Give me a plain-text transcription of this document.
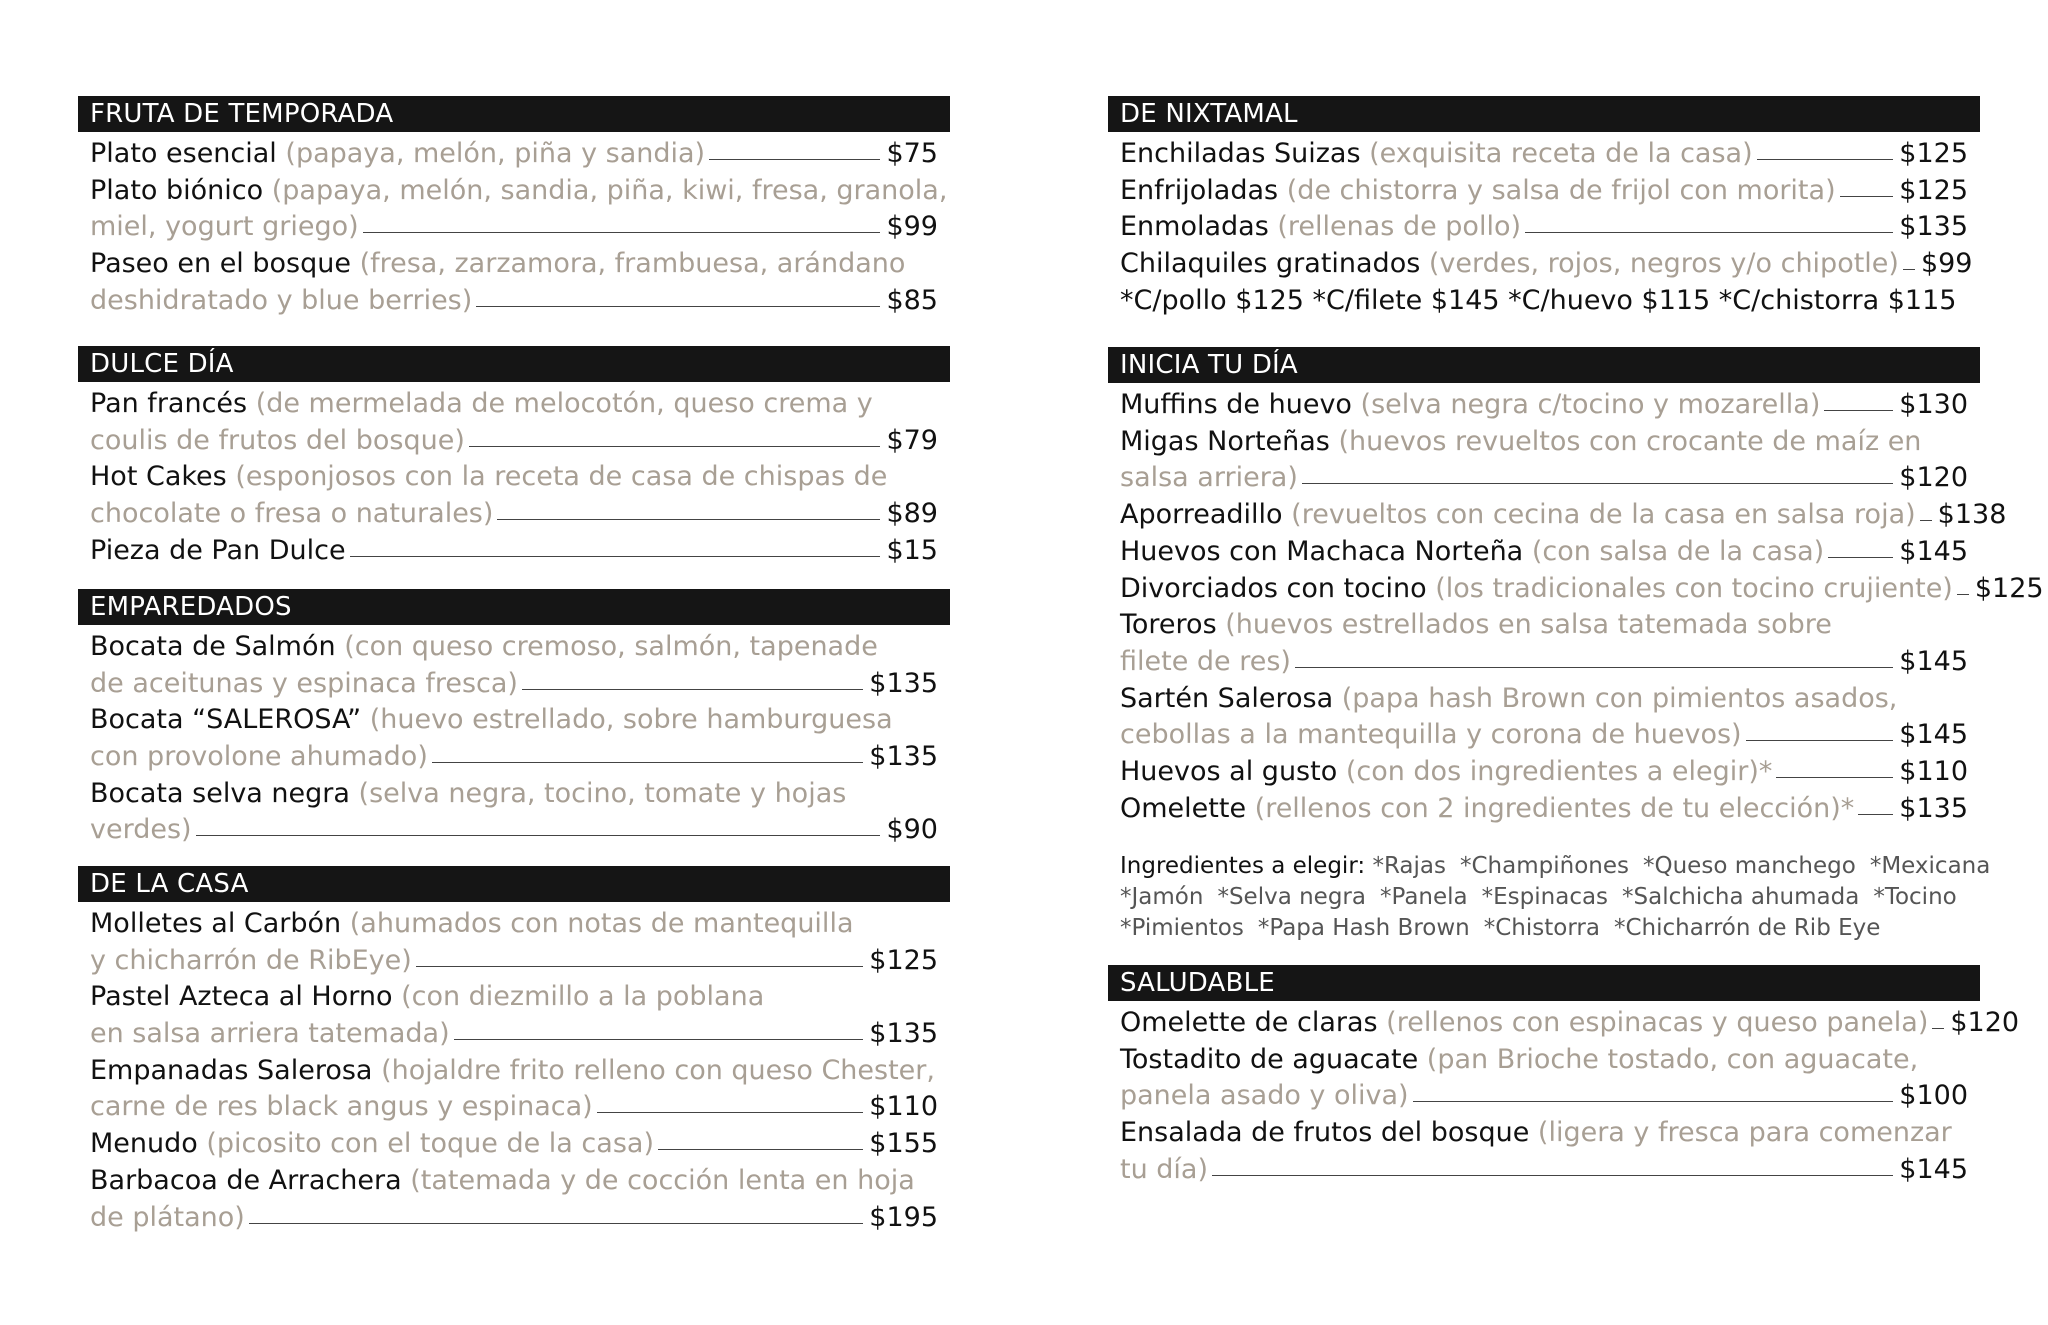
FRUTA DE TEMPORADA
Plato esencial (papaya, melón, piña y sandia)	$75
Plato biónico (papaya, melón, sandia, piña, kiwi, fresa, granola,
miel, yogurt griego)	$99
Paseo en el bosque (fresa, zarzamora, frambuesa, arándano
deshidratado y blue berries)	$85
DULCE DÍA
Pan francés (de mermelada de melocotón, queso crema y
coulis de frutos del bosque)	$79
Hot Cakes (esponjosos con la receta de casa de chispas de
chocolate o fresa o naturales)	$89
Pieza de Pan Dulce	$15
EMPAREDADOS
Bocata de Salmón (con queso cremoso, salmón, tapenade
de aceitunas y espinaca fresca)	$135
Bocata “SALEROSA” (huevo estrellado, sobre hamburguesa
con provolone ahumado)	$135
Bocata selva negra (selva negra, tocino, tomate y hojas
verdes)	$90
DE LA CASA
Molletes al Carbón (ahumados con notas de mantequilla
y chicharrón de RibEye)	$125
Pastel Azteca al Horno (con diezmillo a la poblana
en salsa arriera tatemada)	$135
Empanadas Salerosa (hojaldre frito relleno con queso Chester,
carne de res black angus y espinaca)	$110
Menudo (picosito con el toque de la casa)	$155
Barbacoa de Arrachera (tatemada y de cocción lenta en hoja
de plátano)	$195
DE NIXTAMAL
Enchiladas Suizas (exquisita receta de la casa)	$125
Enfrijoladas (de chistorra y salsa de frijol con morita) $125
Enmoladas (rellenas de pollo)	$135
Chilaquiles gratinados (verdes, rojos, negros y/o chipotle) $99
*C/pollo $125 *C/filete $145 *C/huevo $115 *C/chistorra $115
INICIA TU DÍA
Muffins de huevo (selva negra c/tocino y mozarella)	$130
Migas Norteñas (huevos revueltos con crocante de maíz en
salsa arriera)	$120
Aporreadillo (revueltos con cecina de la casa en salsa roja) $138
Huevos con Machaca Norteña (con salsa de la casa)	$145
Divorciados con tocino (los tradicionales con tocino crujiente) $125
Toreros (huevos estrellados en salsa tatemada sobre
filete de res)	$145
Sartén Salerosa (papa hash Brown con pimientos asados,
cebollas a la mantequilla y corona de huevos)	$145
Huevos al gusto (con dos ingredientes a elegir)*	$110
Omelette (rellenos con 2 ingredientes de tu elección)* $135
Ingredientes a elegir: *Rajas *Champiñones *Queso manchego *Mexicana
*Jamón *Selva negra *Panela *Espinacas *Salchicha ahumada *Tocino
*Pimientos *Papa Hash Brown *Chistorra *Chicharrón de Rib Eye
SALUDABLE
Omelette de claras (rellenos con espinacas y queso panela) $120
Tostadito de aguacate (pan Brioche tostado, con aguacate,
panela asado y oliva)	$100
Ensalada de frutos del bosque (ligera y fresca para comenzar
tu día)	$145
